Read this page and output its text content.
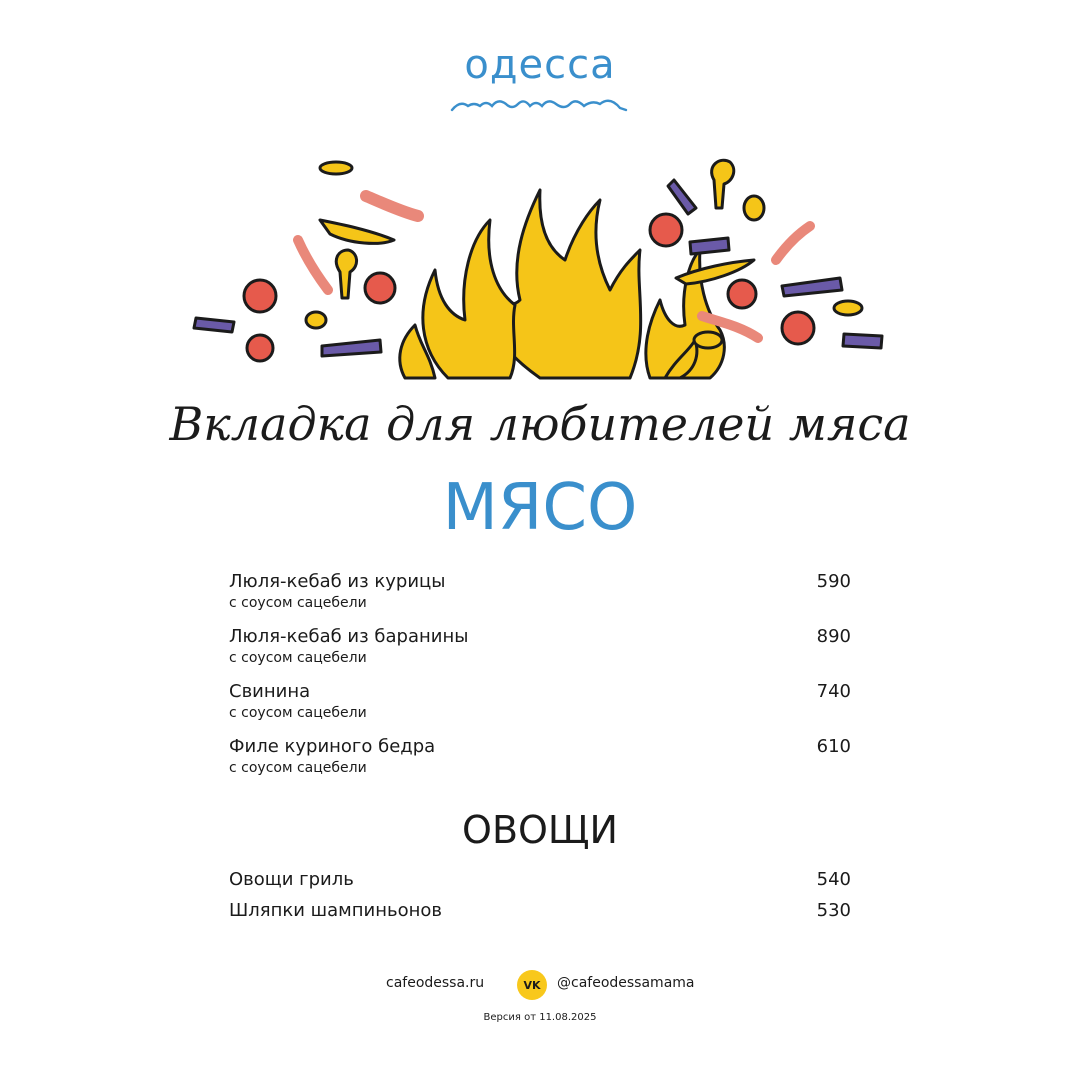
одесса
Вкладка для любителей мяса
МЯСО
Люля-кебаб из курицы
с соусом сацебели
590
Люля-кебаб из баранины
с соусом сацебели
890
Свинина
с соусом сацебели
740
Филе куриного бедра
с соусом сацебели
610
ОВОЩИ
Овощи гриль	540
Шляпки шампиньонов	530
cafeodessa.ru	VK	@cafeodessamama
Версия от 11.08.2025
